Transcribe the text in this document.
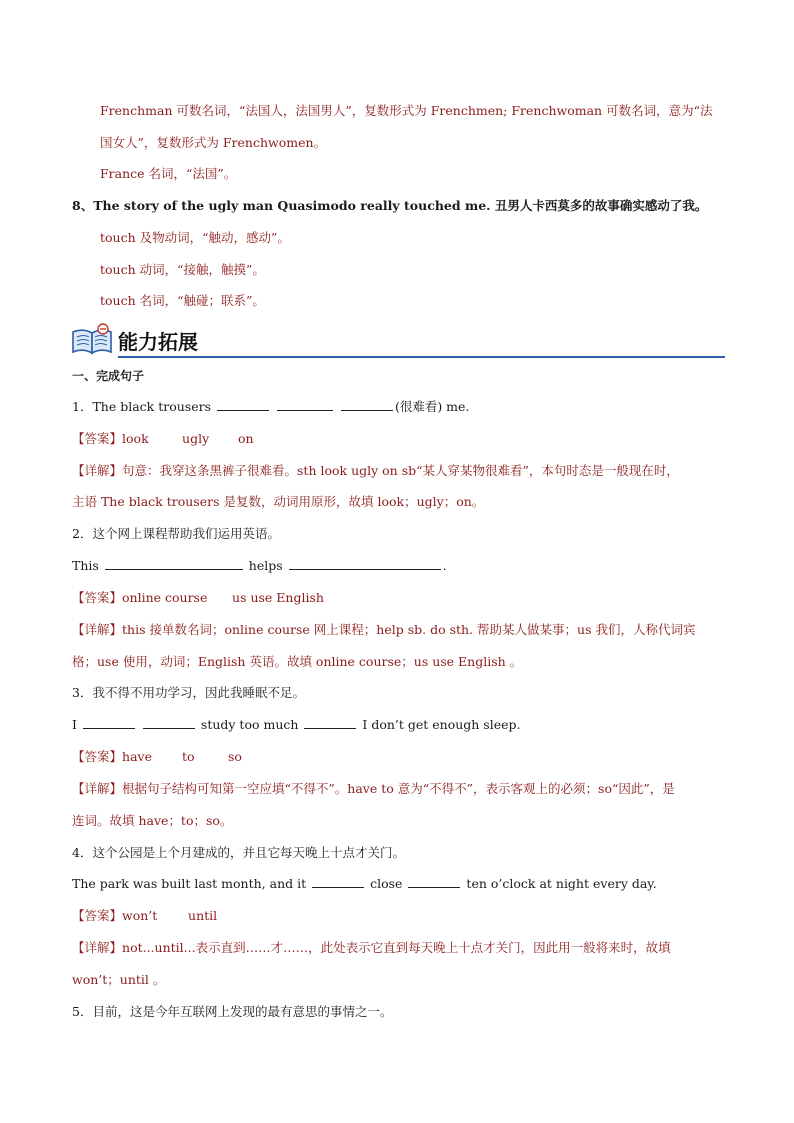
Frenchman 可数名词，“法国人，法国男人”，复数形式为 Frenchmen; Frenchwoman 可数名词，意为“法
国女人”，复数形式为 Frenchwomen。
France 名词，“法国”。
8、The story of the ugly man Quasimodo really touched me. 丑男人卡西莫多的故事确实感动了我。
touch 及物动词，“触动，感动”。
touch 动词，“接触，触摸”。
touch 名词，“触碰；联系”。
能力拓展
一、完成句子
1．The black trousers	(很难看) me.
【答案】look	ugly on
【详解】句意：我穿这条黑裤子很难看。sth look ugly on sb“某人穿某物很难看”，本句时态是一般现在时，
主语 The black trousers 是复数，动词用原形，故填 look；ugly；on。
2．这个网上课程帮助我们运用英语。
This	helps	.
【答案】online course us use English
【详解】this 接单数名词；online course 网上课程；help sb. do sth. 帮助某人做某事；us 我们，人称代词宾
格；use 使用，动词；English 英语。故填 online course；us use English 。
3．我不得不用功学习，因此我睡眠不足。
I	study too much	I don’t get enough sleep.
【答案】have to	so
【详解】根据句子结构可知第一空应填“不得不”。have to 意为“不得不”，表示客观上的必须；so“因此”，是
连词。故填 have；to；so。
4．这个公园是上个月建成的，并且它每天晚上十点才关门。
The park was built last month, and it	close	ten o’clock at night every day.
【答案】won’t until
【详解】not...until...表示直到……才……，此处表示它直到每天晚上十点才关门，因此用一般将来时，故填
won’t；until 。
5．目前，这是今年互联网上发现的最有意思的事情之一。
